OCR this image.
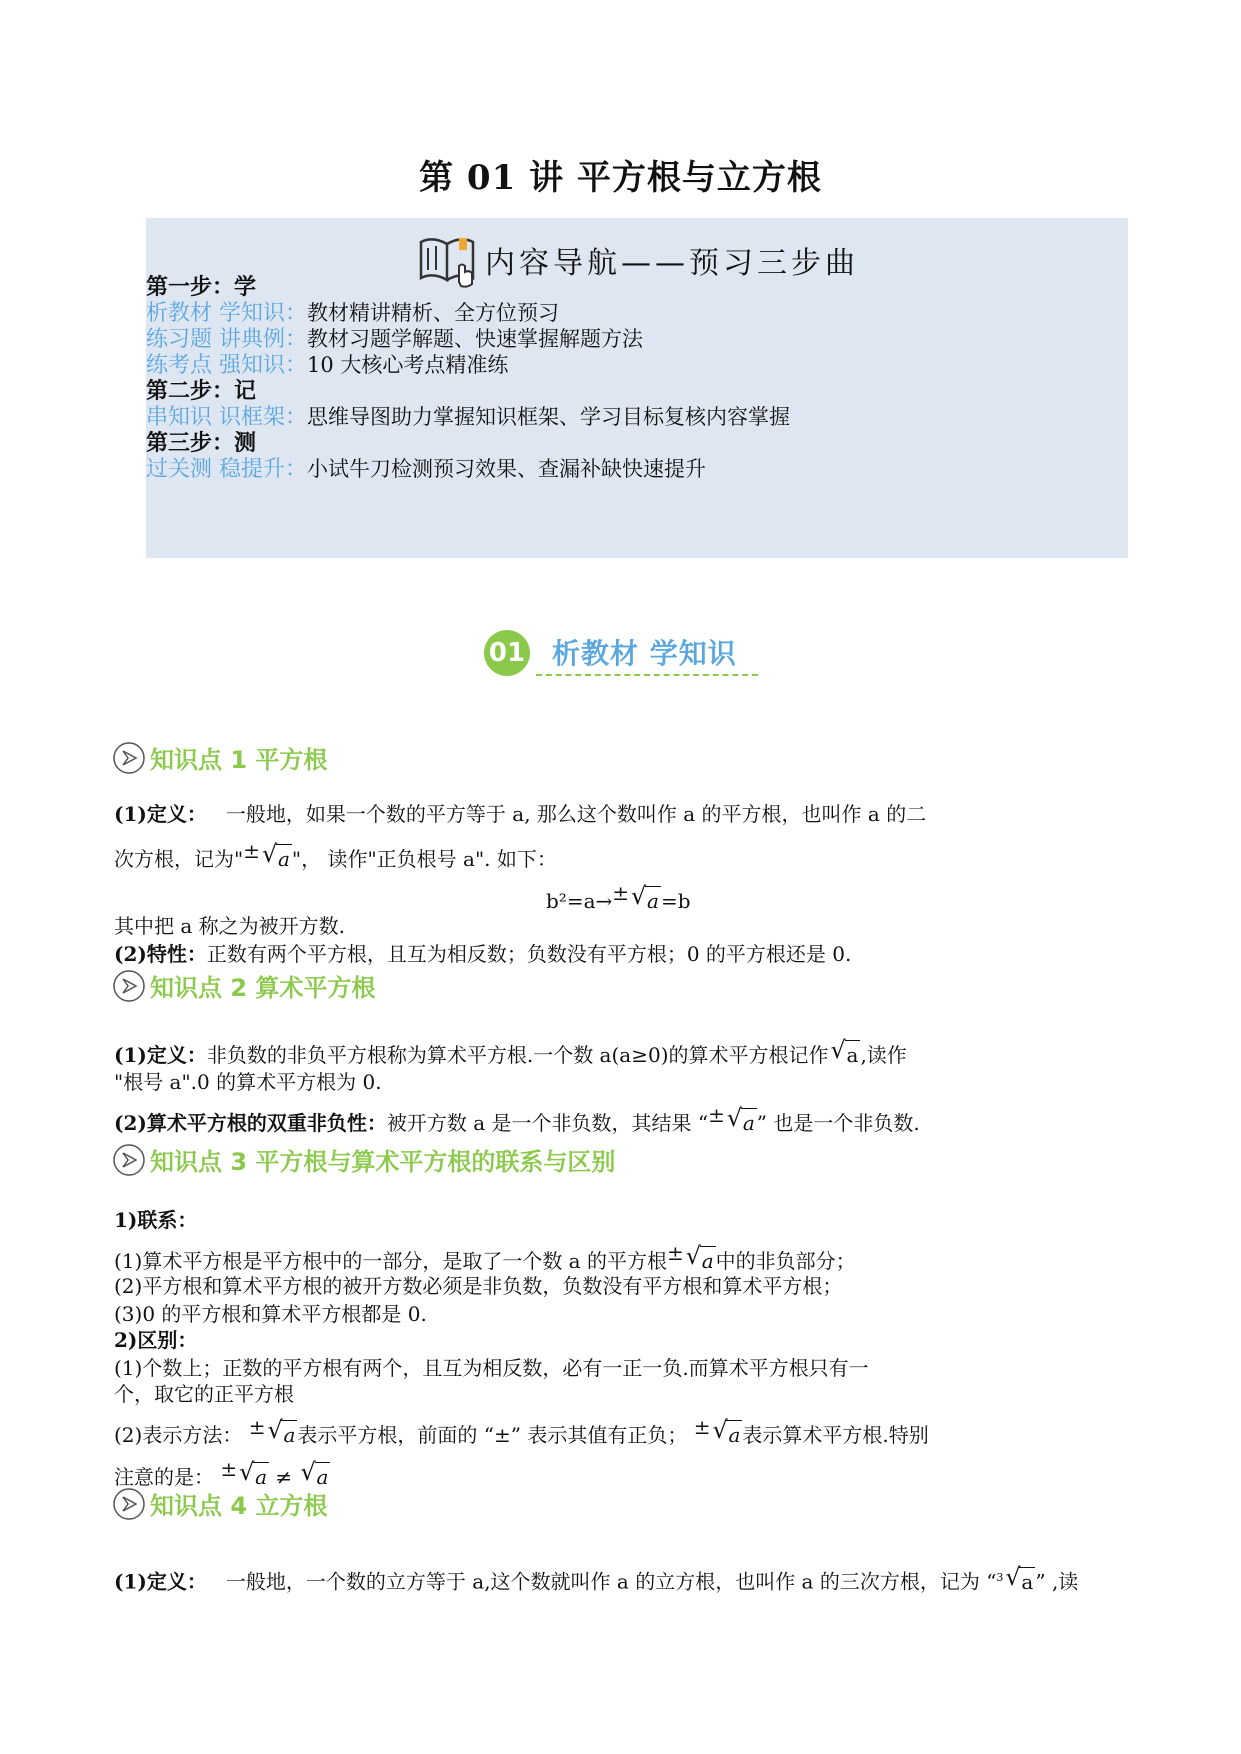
第 01 讲 平方根与立方根
内容导航——预习三步曲
第一步：学
析教材 学知识：教材精讲精析、全方位预习
练习题 讲典例：教材习题学解题、快速掌握解题方法
练考点 强知识：10 大核心考点精准练
第二步：记
串知识 识框架：思维导图助力掌握知识框架、学习目标复核内容掌握
第三步：测
过关测 稳提升：小试牛刀检测预习效果、查漏补缺快速提升
01 析教材 学知识
知识点 1 平方根
(1)定义： 一般地，如果一个数的平方等于 a, 那么这个数叫作 a 的平方根，也叫作 a 的二
次方根，记为"± √ a "， 读作"正负根号 a". 如下：
b²=a→± √ a =b
其中把 a 称之为被开方数.
(2)特性：正数有两个平方根，且互为相反数；负数没有平方根；0 的平方根还是 0.
知识点 2 算术平方根
(1)定义：非负数的非负平方根称为算术平方根.一个数 a(a≥0)的算术平方根记作 √ a ,读作
"根号 a".0 的算术平方根为 0.
(2)算术平方根的双重非负性：被开方数 a 是一个非负数，其结果 “± √ a ” 也是一个非负数.
知识点 3 平方根与算术平方根的联系与区别
1)联系：
(1)算术平方根是平方根中的一部分，是取了一个数 a 的平方根± √ a 中的非负部分；
(2)平方根和算术平方根的被开方数必须是非负数，负数没有平方根和算术平方根；
(3)0 的平方根和算术平方根都是 0.
2)区别：
(1)个数上；正数的平方根有两个，且互为相反数，必有一正一负.而算术平方根只有一
个，取它的正平方根
(2)表示方法： ± √ a 表示平方根，前面的 “±” 表示其值有正负； ± √ a 表示算术平方根.特别
注意的是： ± √ a ≠ √ a
知识点 4 立方根
(1)定义： 一般地，一个数的立方等于 a,这个数就叫作 a 的立方根，也叫作 a 的三次方根，记为 “$^3$ √ a ” ,读
